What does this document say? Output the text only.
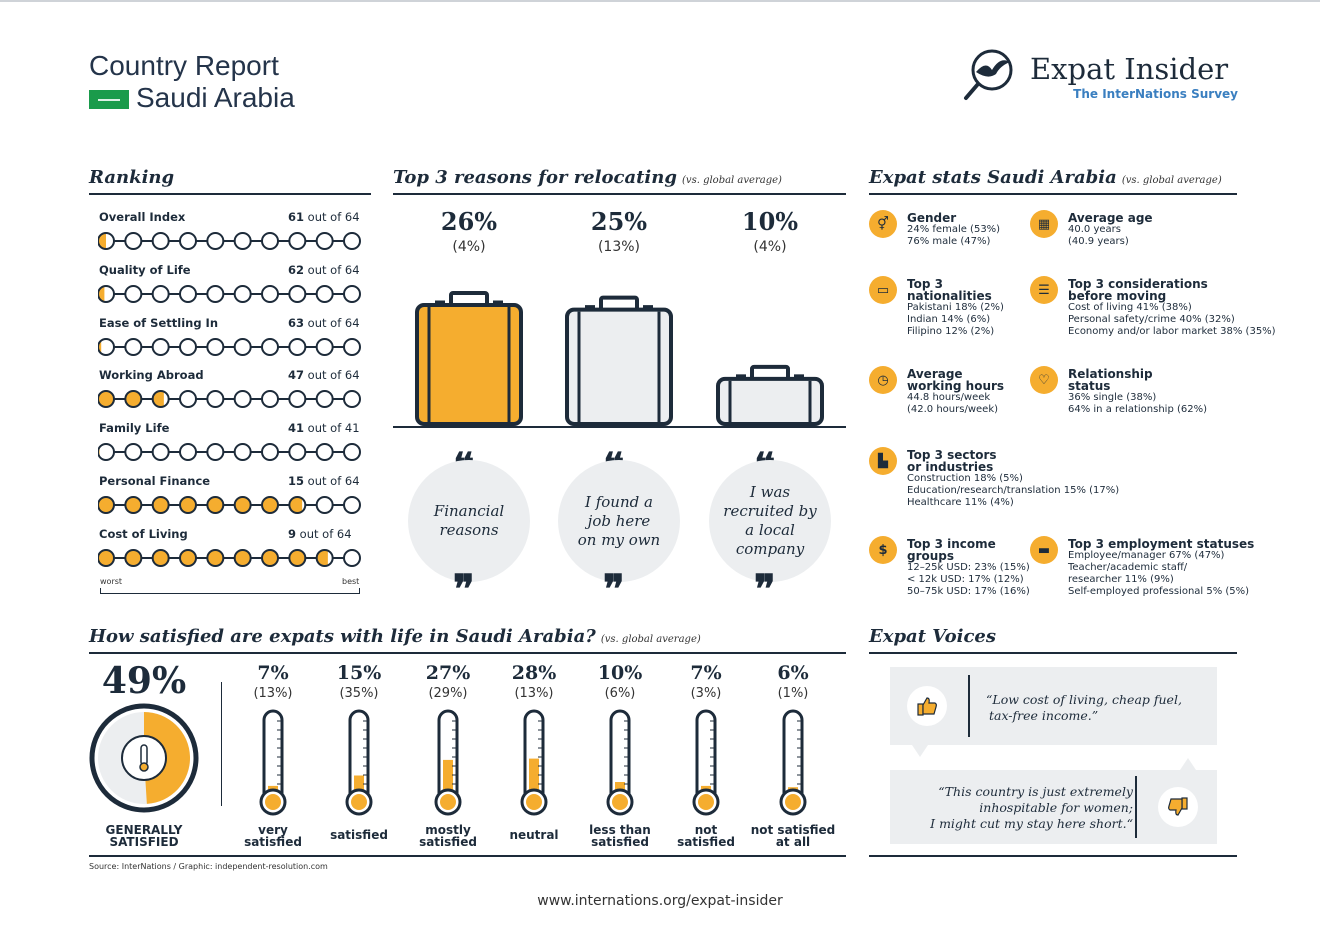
Country Report
Saudi Arabia
Expat Insider
The InterNations Survey
Ranking
Overall Index	61 out of 64
Quality of Life	62 out of 64
Ease of Settling In	63 out of 64
Working Abroad	47 out of 64
Family Life	41 out of 41
Personal Finance	15 out of 64
Cost of Living	9 out of 64
worst	best
Top 3 reasons for relocating (vs. global average)
26%
(4%)
Financial
reasons
❞
25%
(13%)
I found a
job here
on my own
❞
10%
(4%)
I was
recruited by
a local
company
❞
Expat stats Saudi Arabia (vs. global average)
⚥	Gender
24% female (53%)
76% male (47%)
▦	Average age
40.0 years
(40.9 years)
▭	Top 3
nationalities
Pakistani 18% (2%)
Indian 14% (6%)
Filipino 12% (2%)
☰	Top 3 considerations
before moving
Cost of living 41% (38%)
Personal safety/crime 40% (32%)
Economy and/or labor market 38% (35%)
◷	Average
working hours
44.8 hours/week
(42.0 hours/week)
♡	Relationship
status
36% single (38%)
64% in a relationship (62%)
▙	Top 3 sectors
or industries
Construction 18% (5%)
Education/research/translation 15% (17%)
Healthcare 11% (4%)
$	Top 3 income
groups
12–25k USD: 23% (15%)
< 12k USD: 17% (12%)
50–75k USD: 17% (16%)
▬	Top 3 employment statuses
Employee/manager 67% (47%)
Teacher/academic staff/
researcher 11% (9%)
Self-employed professional 5% (5%)
How satisfied are expats with life in Saudi Arabia? (vs. global average)
49%
GENERALLY
SATISFIED
7%
(13%)
very
satisfied
15%
(35%)
satisfied
27%
(29%)
mostly
satisfied
28%
(13%)
neutral
10%
(6%)
less than
satisfied
7%
(3%)
not
satisfied
6%
(1%)
not satisfied
at all
Source: InterNations / Graphic: independent-resolution.com
Expat Voices
“Low cost of living, cheap fuel,
tax-free income.”
“This country is just extremely
inhospitable for women;
I might cut my stay here short.“
www.internations.org/expat-insider
